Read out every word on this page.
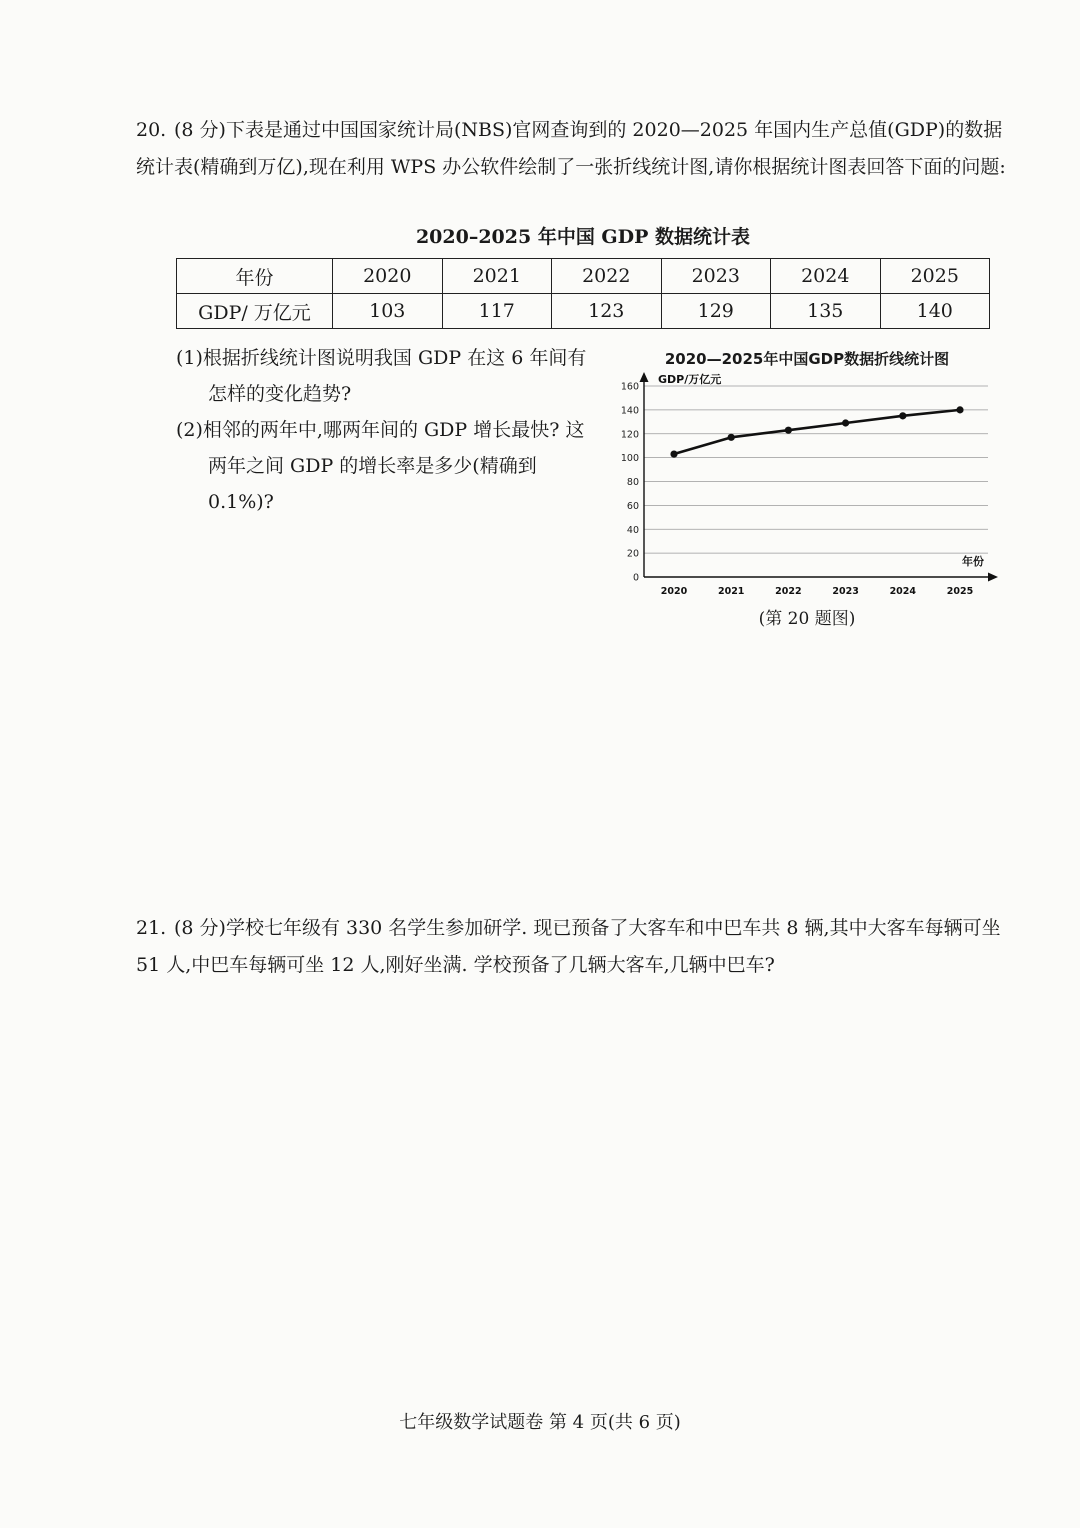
20. (8 分)下表是通过中国国家统计局(NBS)官网查询到的 2020—2025 年国内生产总值(GDP)的数据统计表(精确到万亿),现在利用 WPS 办公软件绘制了一张折线统计图,请你根据统计图表回答下面的问题:
2020–2025 年中国 GDP 数据统计表
年份	2020	2021	2022	2023	2024	2025
GDP/ 万亿元	103	117	123	129	135	140
(1)根据折线统计图说明我国 GDP 在这 6 年间有怎样的变化趋势?
(2)相邻的两年中,哪两年间的 GDP 增长最快? 这两年之间 GDP 的增长率是多少(精确到 0.1%)?
2020—2025年中国GDP数据折线统计图
0
20
40
60
80
100
120
140
160
GDP/万亿元
年份
2020	2021	2022	2023	2024	2025
(第 20 题图)
21. (8 分)学校七年级有 330 名学生参加研学. 现已预备了大客车和中巴车共 8 辆,其中大客车每辆可坐 51 人,中巴车每辆可坐 12 人,刚好坐满. 学校预备了几辆大客车,几辆中巴车?
七年级数学试题卷 第 4 页(共 6 页)
